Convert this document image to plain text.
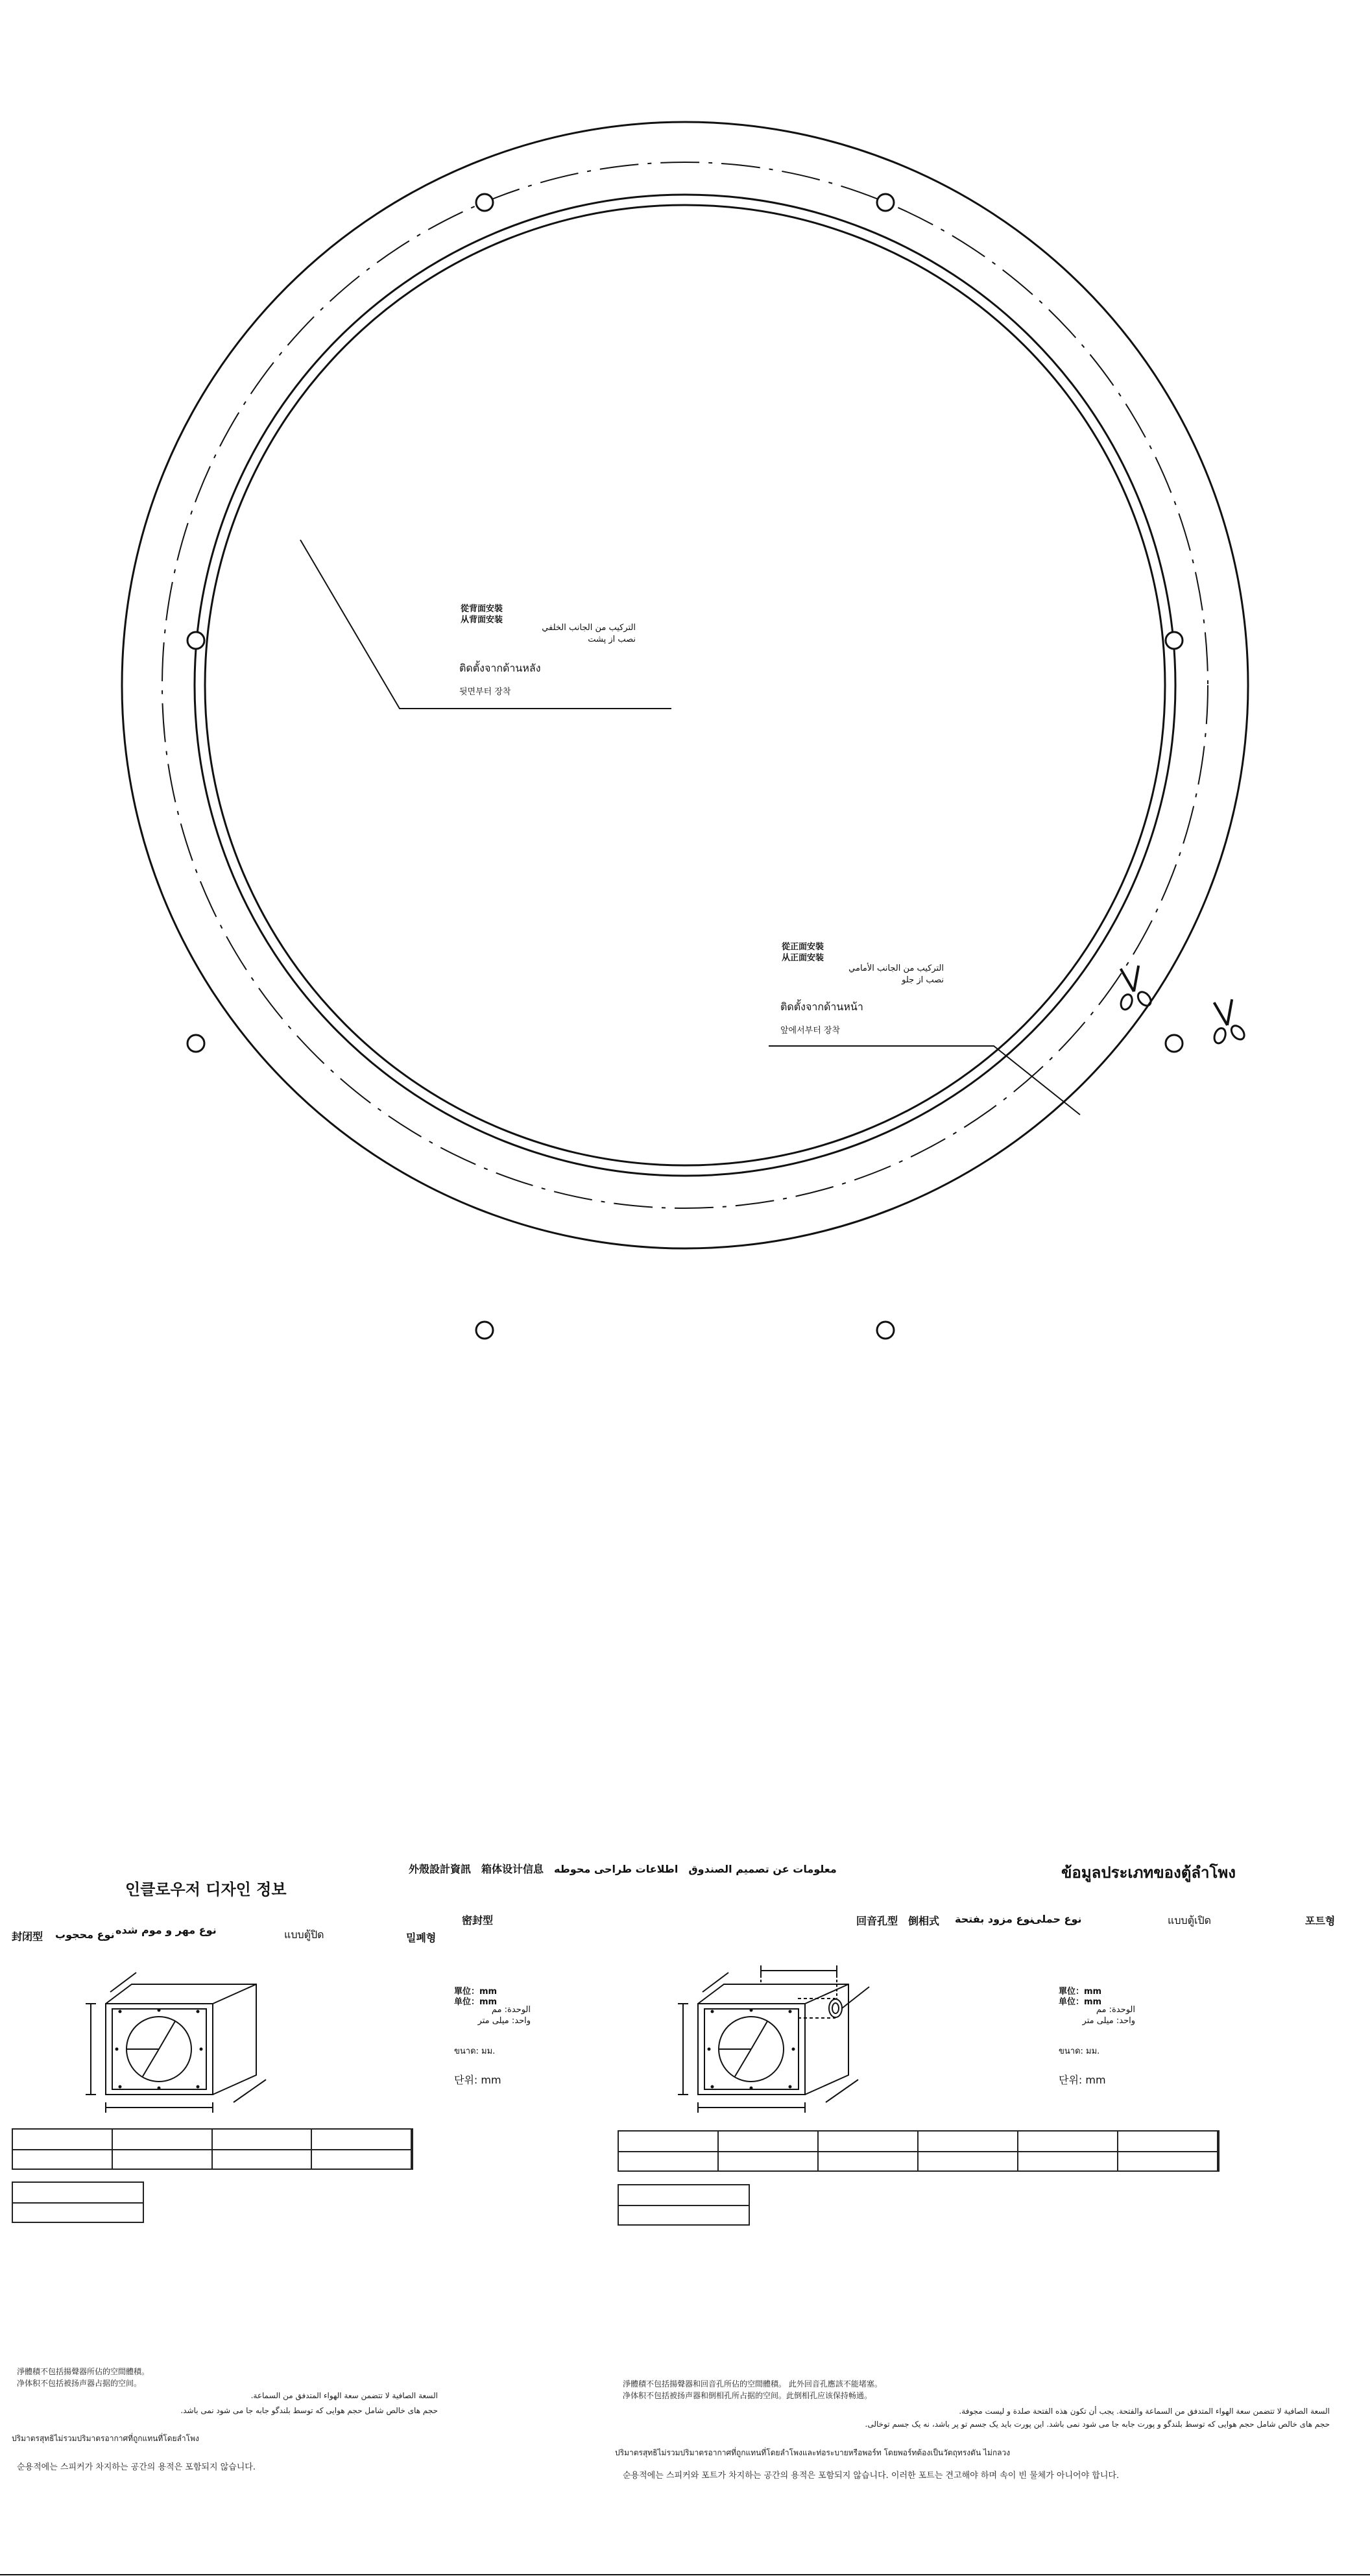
從背面安裝
从背面安装
التركيب من الجانب الخلفي
نصب از پشت
ติดตั้งจากด้านหลัง
뒷면부터 장착
從正面安裝
从正面安装
التركيب من الجانب الأمامي
نصب از جلو
ติดตั้งจากด้านหน้า
앞에서부터 장착
外殼設計資訊　箱体设计信息　معلومات عن تصميم الصندوق　اطلاعات طراحی محوطه
인클로우저 디자인 정보
ข้อมูลประเภทของตู้ลำโพง
封闭型 نوع محجوب نوع مهر و موم شده	แบบตู้ปิด
密封型
밀폐형
回音孔型　倒相式 نوع مزود بفتحة
نوع حملی	แบบตู้เปิด	포트형
單位：mm
单位：mm
الوحدة: مم
واحد: میلی متر
ขนาด: มม.
단위: mm
單位：mm
单位：mm
الوحدة: مم
واحد: میلی متر
ขนาด: มม.
단위: mm
淨體積不包括揚聲器所佔的空間體積。
净体积不包括被扬声器占据的空间。
السعة الصافية لا تتضمن سعة الهواء المتدفق من السماعة.
حجم های خالص شامل حجم هوایی که توسط بلندگو جابه جا می شود نمی باشد.
ปริมาตรสุทธิไม่รวมปริมาตรอากาศที่ถูกแทนที่โดยลำโพง
순용적에는 스피커가 차지하는 공간의 용적은 포함되지 않습니다.
淨體積不包括揚聲器和回音孔所佔的空間體積。 此外回音孔應該不能堵塞。
净体积不包括被扬声器和倒相孔所占据的空间。此倒相孔应该保持畅通。
السعة الصافية لا تتضمن سعة الهواء المتدفق من السماعة والفتحة. يجب أن تكون هذه الفتحة صلدة و ليست مجوفة.
حجم های خالص شامل حجم هوایی که توسط بلندگو و پورت جابه جا می شود نمی باشد. این پورت باید یک جسم تو پر باشد، نه یک جسم توخالی.
ปริมาตรสุทธิไม่รวมปริมาตรอากาศที่ถูกแทนที่โดยลำโพงและท่อระบายหรือพอร์ท โดยพอร์ทต้องเป็นวัตถุทรงตัน ไม่กลวง
순용적에는 스피커와 포트가 차지하는 공간의 용적은 포함되지 않습니다. 이러한 포트는 견고해야 하며 속이 빈 물체가 아니어야 합니다.
